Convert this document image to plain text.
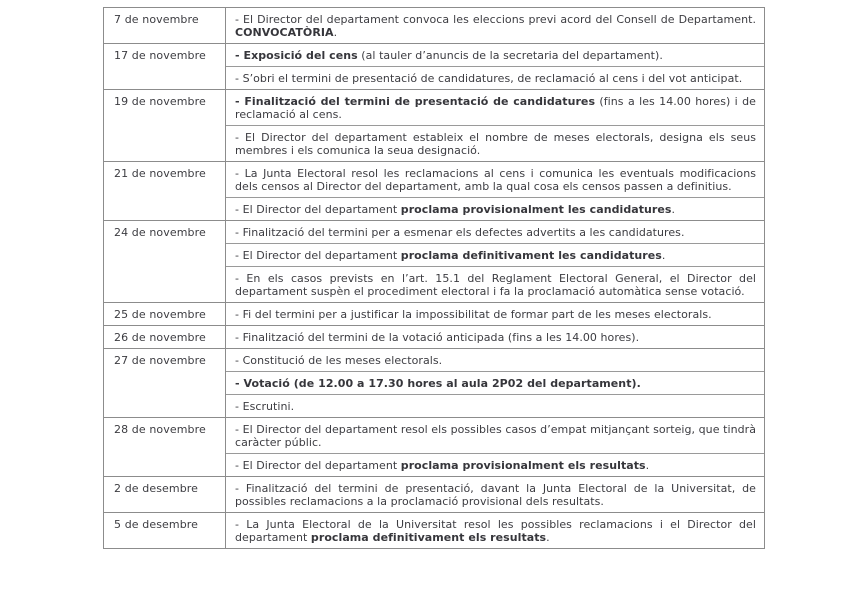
7 de novembre	- El Director del departament convoca les eleccions previ acord del Consell de Departament. CONVOCATÒRIA.
17 de novembre	- Exposició del cens (al tauler d’anuncis de la secretaria del departament).
- S’obri el termini de presentació de candidatures, de reclamació al cens i del vot anticipat.
19 de novembre	- Finalització del termini de presentació de candidatures (fins a les 14.00 hores) i de reclamació al cens.
- El Director del departament estableix el nombre de meses electorals, designa els seus membres i els comunica la seua designació.
21 de novembre	- La Junta Electoral resol les reclamacions al cens i comunica les eventuals modificacions dels censos al Director del departament, amb la qual cosa els censos passen a definitius.
- El Director del departament proclama provisionalment les candidatures.
24 de novembre	- Finalització del termini per a esmenar els defectes advertits a les candidatures.
- El Director del departament proclama definitivament les candidatures.
- En els casos prevists en l’art. 15.1 del Reglament Electoral General, el Director del departament suspèn el procediment electoral i fa la proclamació automàtica sense votació.
25 de novembre	- Fi del termini per a justificar la impossibilitat de formar part de les meses electorals.
26 de novembre	- Finalització del termini de la votació anticipada (fins a les 14.00 hores).
27 de novembre	- Constitució de les meses electorals.
- Votació (de 12.00 a 17.30 hores al aula 2P02 del departament).
- Escrutini.
28 de novembre	- El Director del departament resol els possibles casos d’empat mitjançant sorteig, que tindrà caràcter públic.
- El Director del departament proclama provisionalment els resultats.
2 de desembre	- Finalització del termini de presentació, davant la Junta Electoral de la Universitat, de possibles reclamacions a la proclamació provisional dels resultats.
5 de desembre	- La Junta Electoral de la Universitat resol les possibles reclamacions i el Director del departament proclama definitivament els resultats.
